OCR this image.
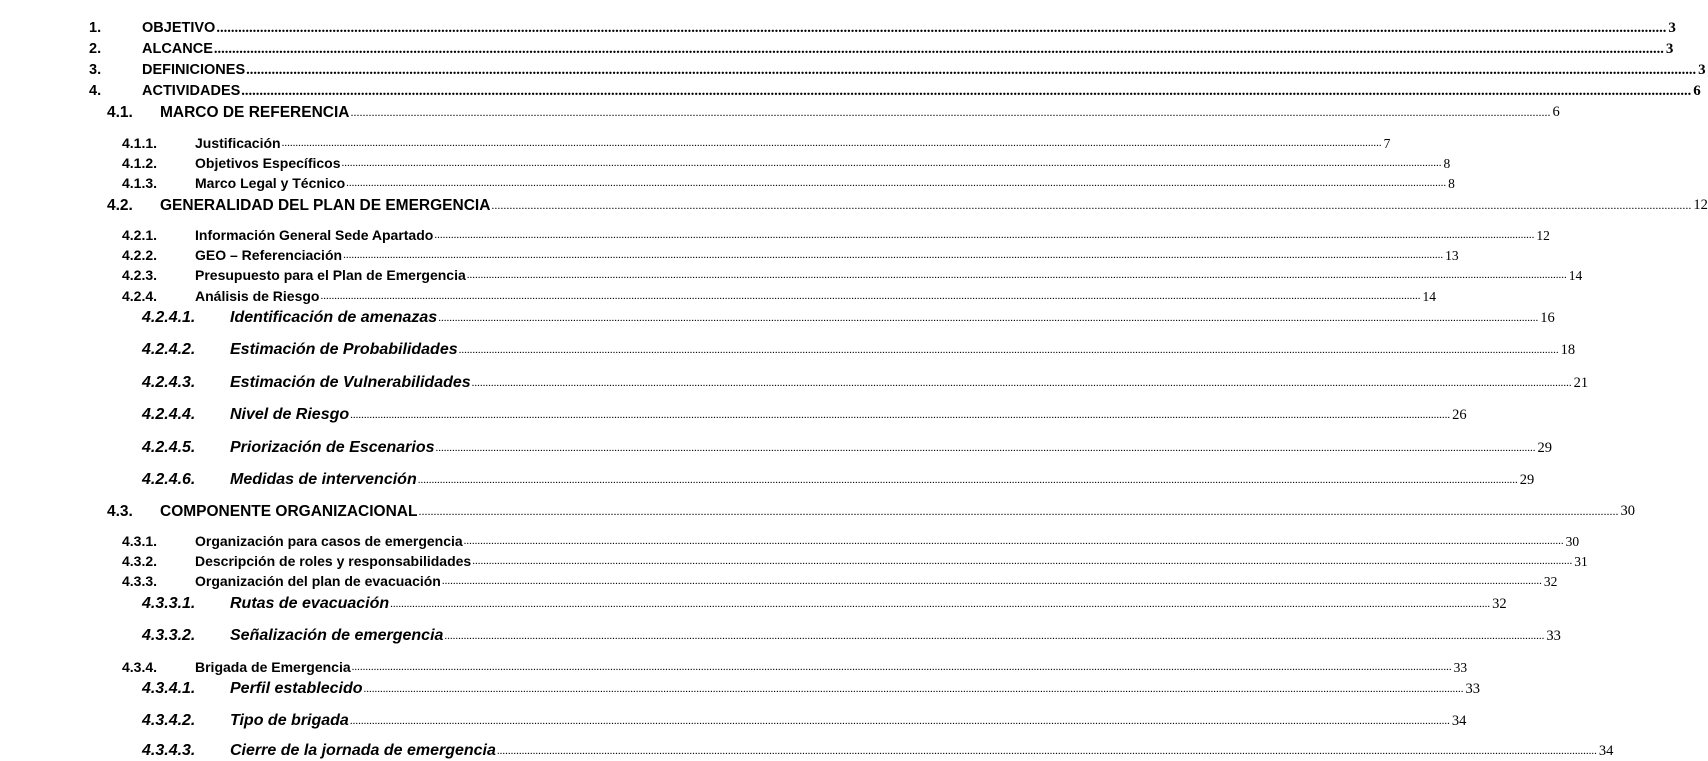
1.	OBJETIVO ................................................................................................................................................................................................................................................................................................................................................................................................................ 3
2.	ALCANCE ................................................................................................................................................................................................................................................................................................................................................................................................................ 3
3.	DEFINICIONES ................................................................................................................................................................................................................................................................................................................................................................................................................ 3
4.	ACTIVIDADES ................................................................................................................................................................................................................................................................................................................................................................................................................ 6
4.1.	MARCO DE REFERENCIA ................................................................................................................................................................................................................................................................................................................................................................................................................ 6
4.1.1.	Justificación ................................................................................................................................................................................................................................................................................................................................................................................................................ 7
4.1.2.	Objetivos Específicos ................................................................................................................................................................................................................................................................................................................................................................................................................ 8
4.1.3.	Marco Legal y Técnico ................................................................................................................................................................................................................................................................................................................................................................................................................ 8
4.2.	GENERALIDAD DEL PLAN DE EMERGENCIA ................................................................................................................................................................................................................................................................................................................................................................................................................ 12
4.2.1.	Información General Sede Apartado ................................................................................................................................................................................................................................................................................................................................................................................................................ 12
4.2.2.	GEO – Referenciación ................................................................................................................................................................................................................................................................................................................................................................................................................ 13
4.2.3.	Presupuesto para el Plan de Emergencia ................................................................................................................................................................................................................................................................................................................................................................................................................ 14
4.2.4.	Análisis de Riesgo ................................................................................................................................................................................................................................................................................................................................................................................................................ 14
4.2.4.1.	Identificación de amenazas ................................................................................................................................................................................................................................................................................................................................................................................................................ 16
4.2.4.2.	Estimación de Probabilidades ................................................................................................................................................................................................................................................................................................................................................................................................................ 18
4.2.4.3.	Estimación de Vulnerabilidades ................................................................................................................................................................................................................................................................................................................................................................................................................ 21
4.2.4.4.	Nivel de Riesgo ................................................................................................................................................................................................................................................................................................................................................................................................................ 26
4.2.4.5.	Priorización de Escenarios ................................................................................................................................................................................................................................................................................................................................................................................................................ 29
4.2.4.6.	Medidas de intervención ................................................................................................................................................................................................................................................................................................................................................................................................................ 29
4.3.	COMPONENTE ORGANIZACIONAL ................................................................................................................................................................................................................................................................................................................................................................................................................ 30
4.3.1.	Organización para casos de emergencia ................................................................................................................................................................................................................................................................................................................................................................................................................ 30
4.3.2.	Descripción de roles y responsabilidades ................................................................................................................................................................................................................................................................................................................................................................................................................ 31
4.3.3.	Organización del plan de evacuación ................................................................................................................................................................................................................................................................................................................................................................................................................ 32
4.3.3.1.	Rutas de evacuación ................................................................................................................................................................................................................................................................................................................................................................................................................ 32
4.3.3.2.	Señalización de emergencia ................................................................................................................................................................................................................................................................................................................................................................................................................ 33
4.3.4.	Brigada de Emergencia ................................................................................................................................................................................................................................................................................................................................................................................................................ 33
4.3.4.1.	Perfil establecido ................................................................................................................................................................................................................................................................................................................................................................................................................ 33
4.3.4.2.	Tipo de brigada ................................................................................................................................................................................................................................................................................................................................................................................................................ 34
4.3.4.3.	Cierre de la jornada de emergencia ................................................................................................................................................................................................................................................................................................................................................................................................................ 34
